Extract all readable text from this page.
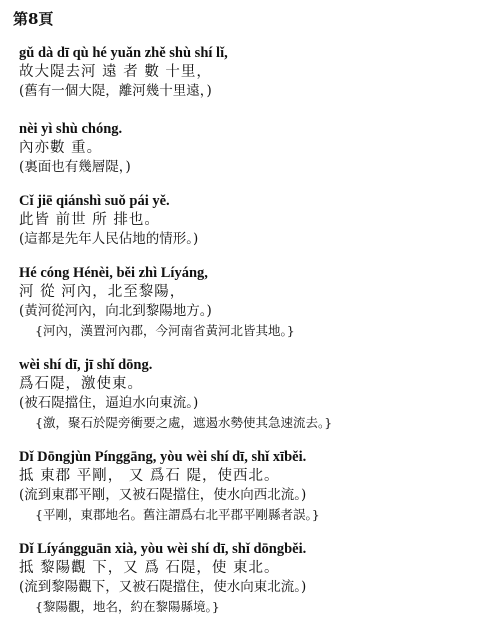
第8頁
gǔ dà dī qù hé yuǎn zhě shù shí lǐ,
故大隄去河 遠 者 數 十里，
(舊有一個大隄，離河幾十里遠，)
nèi yì shù chóng.
內亦數 重。
(裏面也有幾層隄，)
Cǐ jiē qiánshì suǒ pái yě.
此皆 前世 所 排也。
(這都是先年人民佔地的情形。)
Hé cóng Hénèi, běi zhì Líyáng,
河 從 河內，北至黎陽，
(黃河從河內，向北到黎陽地方。)
{河內，漢置河內郡，今河南省黃河北皆其地。}
wèi shí dī, jī shǐ dōng.
爲石隄，激使東。
(被石隄擋住，逼迫水向東流。)
{激，聚石於隄旁衝要之處，遮遏水勢使其急速流去。}
Dǐ Dōngjùn Pínggāng, yòu wèi shí dī, shǐ xīběi.
抵 東郡 平剛， 又 爲石 隄，使西北。
(流到東郡平剛，又被石隄擋住，使水向西北流。)
{平剛，東郡地名。舊注謂爲右北平郡平剛縣者誤。}
Dǐ Líyángguān xià, yòu wèi shí dī, shǐ dōngběi.
抵 黎陽觀 下，又 爲 石隄，使 東北。
(流到黎陽觀下，又被石隄擋住，使水向東北流。)
{黎陽觀，地名，約在黎陽縣境。}
